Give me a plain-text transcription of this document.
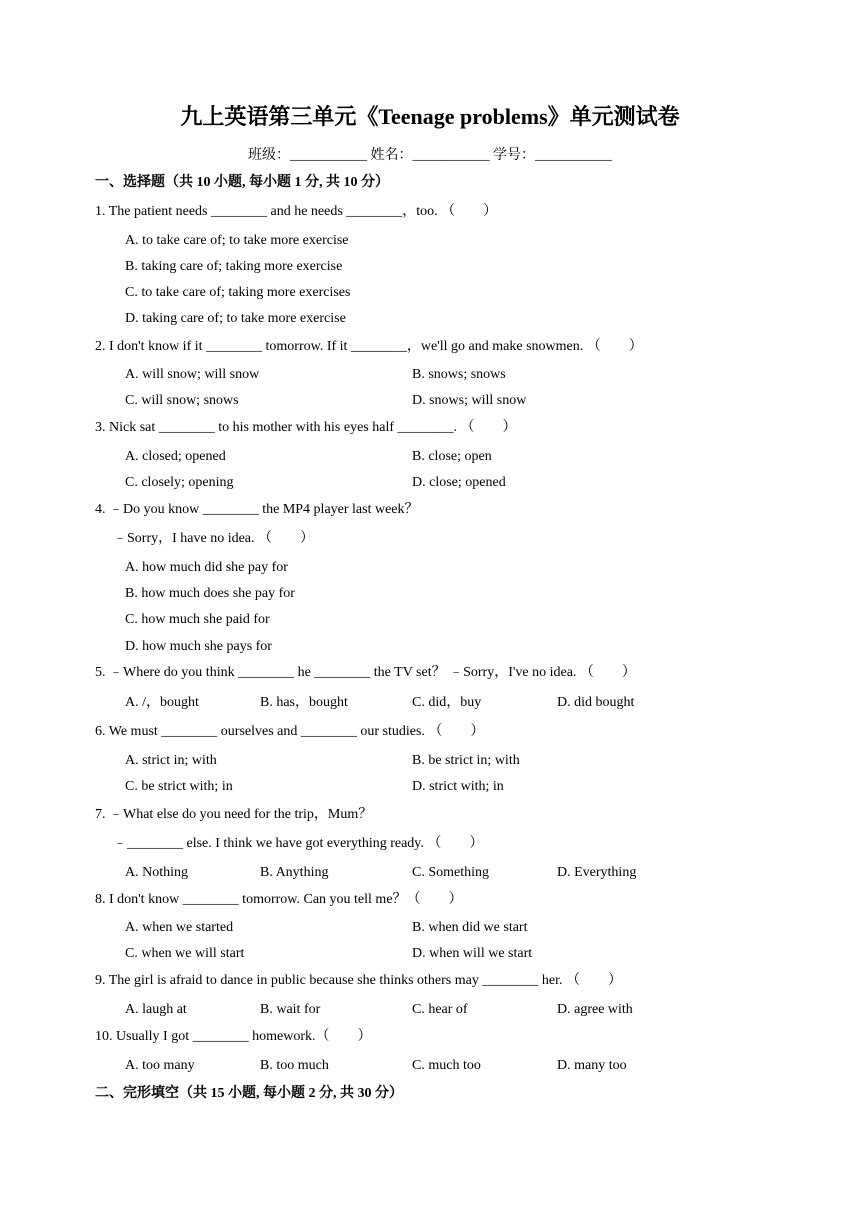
九上英语第三单元《Teenage problems》单元测试卷
班级：___________ 姓名：___________ 学号：___________
一、选择题（共 10 小题, 每小题 1 分, 共 10 分）
1. The patient needs ________ and he needs ________，too. （　　）
A. to take care of; to take more exercise
B. taking care of; taking more exercise
C. to take care of; taking more exercises
D. taking care of; to take more exercise
2. I don't know if it ________ tomorrow. If it ________，we'll go and make snowmen. （　　）
A. will snow; will snow	B. snows; snows
C. will snow; snows	D. snows; will snow
3. Nick sat ________ to his mother with his eyes half ________. （　　）
A. closed; opened	B. close; open
C. closely; opening	D. close; opened
4. ﹣Do you know ________ the MP4 player last week？
﹣Sorry，I have no idea. （　　）
A. how much did she pay for
B. how much does she pay for
C. how much she paid for
D. how much she pays for
5. ﹣Where do you think ________ he ________ the TV set？ ﹣Sorry，I've no idea. （　　）
A. /，bought	B. has，bought	C. did，buy	D. did bought
6. We must ________ ourselves and ________ our studies. （　　）
A. strict in; with	B. be strict in; with
C. be strict with; in	D. strict with; in
7. ﹣What else do you need for the trip，Mum？
﹣________ else. I think we have got everything ready. （　　）
A. Nothing	B. Anything	C. Something	D. Everything
8. I don't know ________ tomorrow. Can you tell me？（　　）
A. when we started	B. when did we start
C. when we will start	D. when will we start
9. The girl is afraid to dance in public because she thinks others may ________ her. （　　）
A. laugh at	B. wait for	C. hear of	D. agree with
10. Usually I got ________ homework.（　　）
A. too many	B. too much	C. much too	D. many too
二、完形填空（共 15 小题, 每小题 2 分, 共 30 分）
